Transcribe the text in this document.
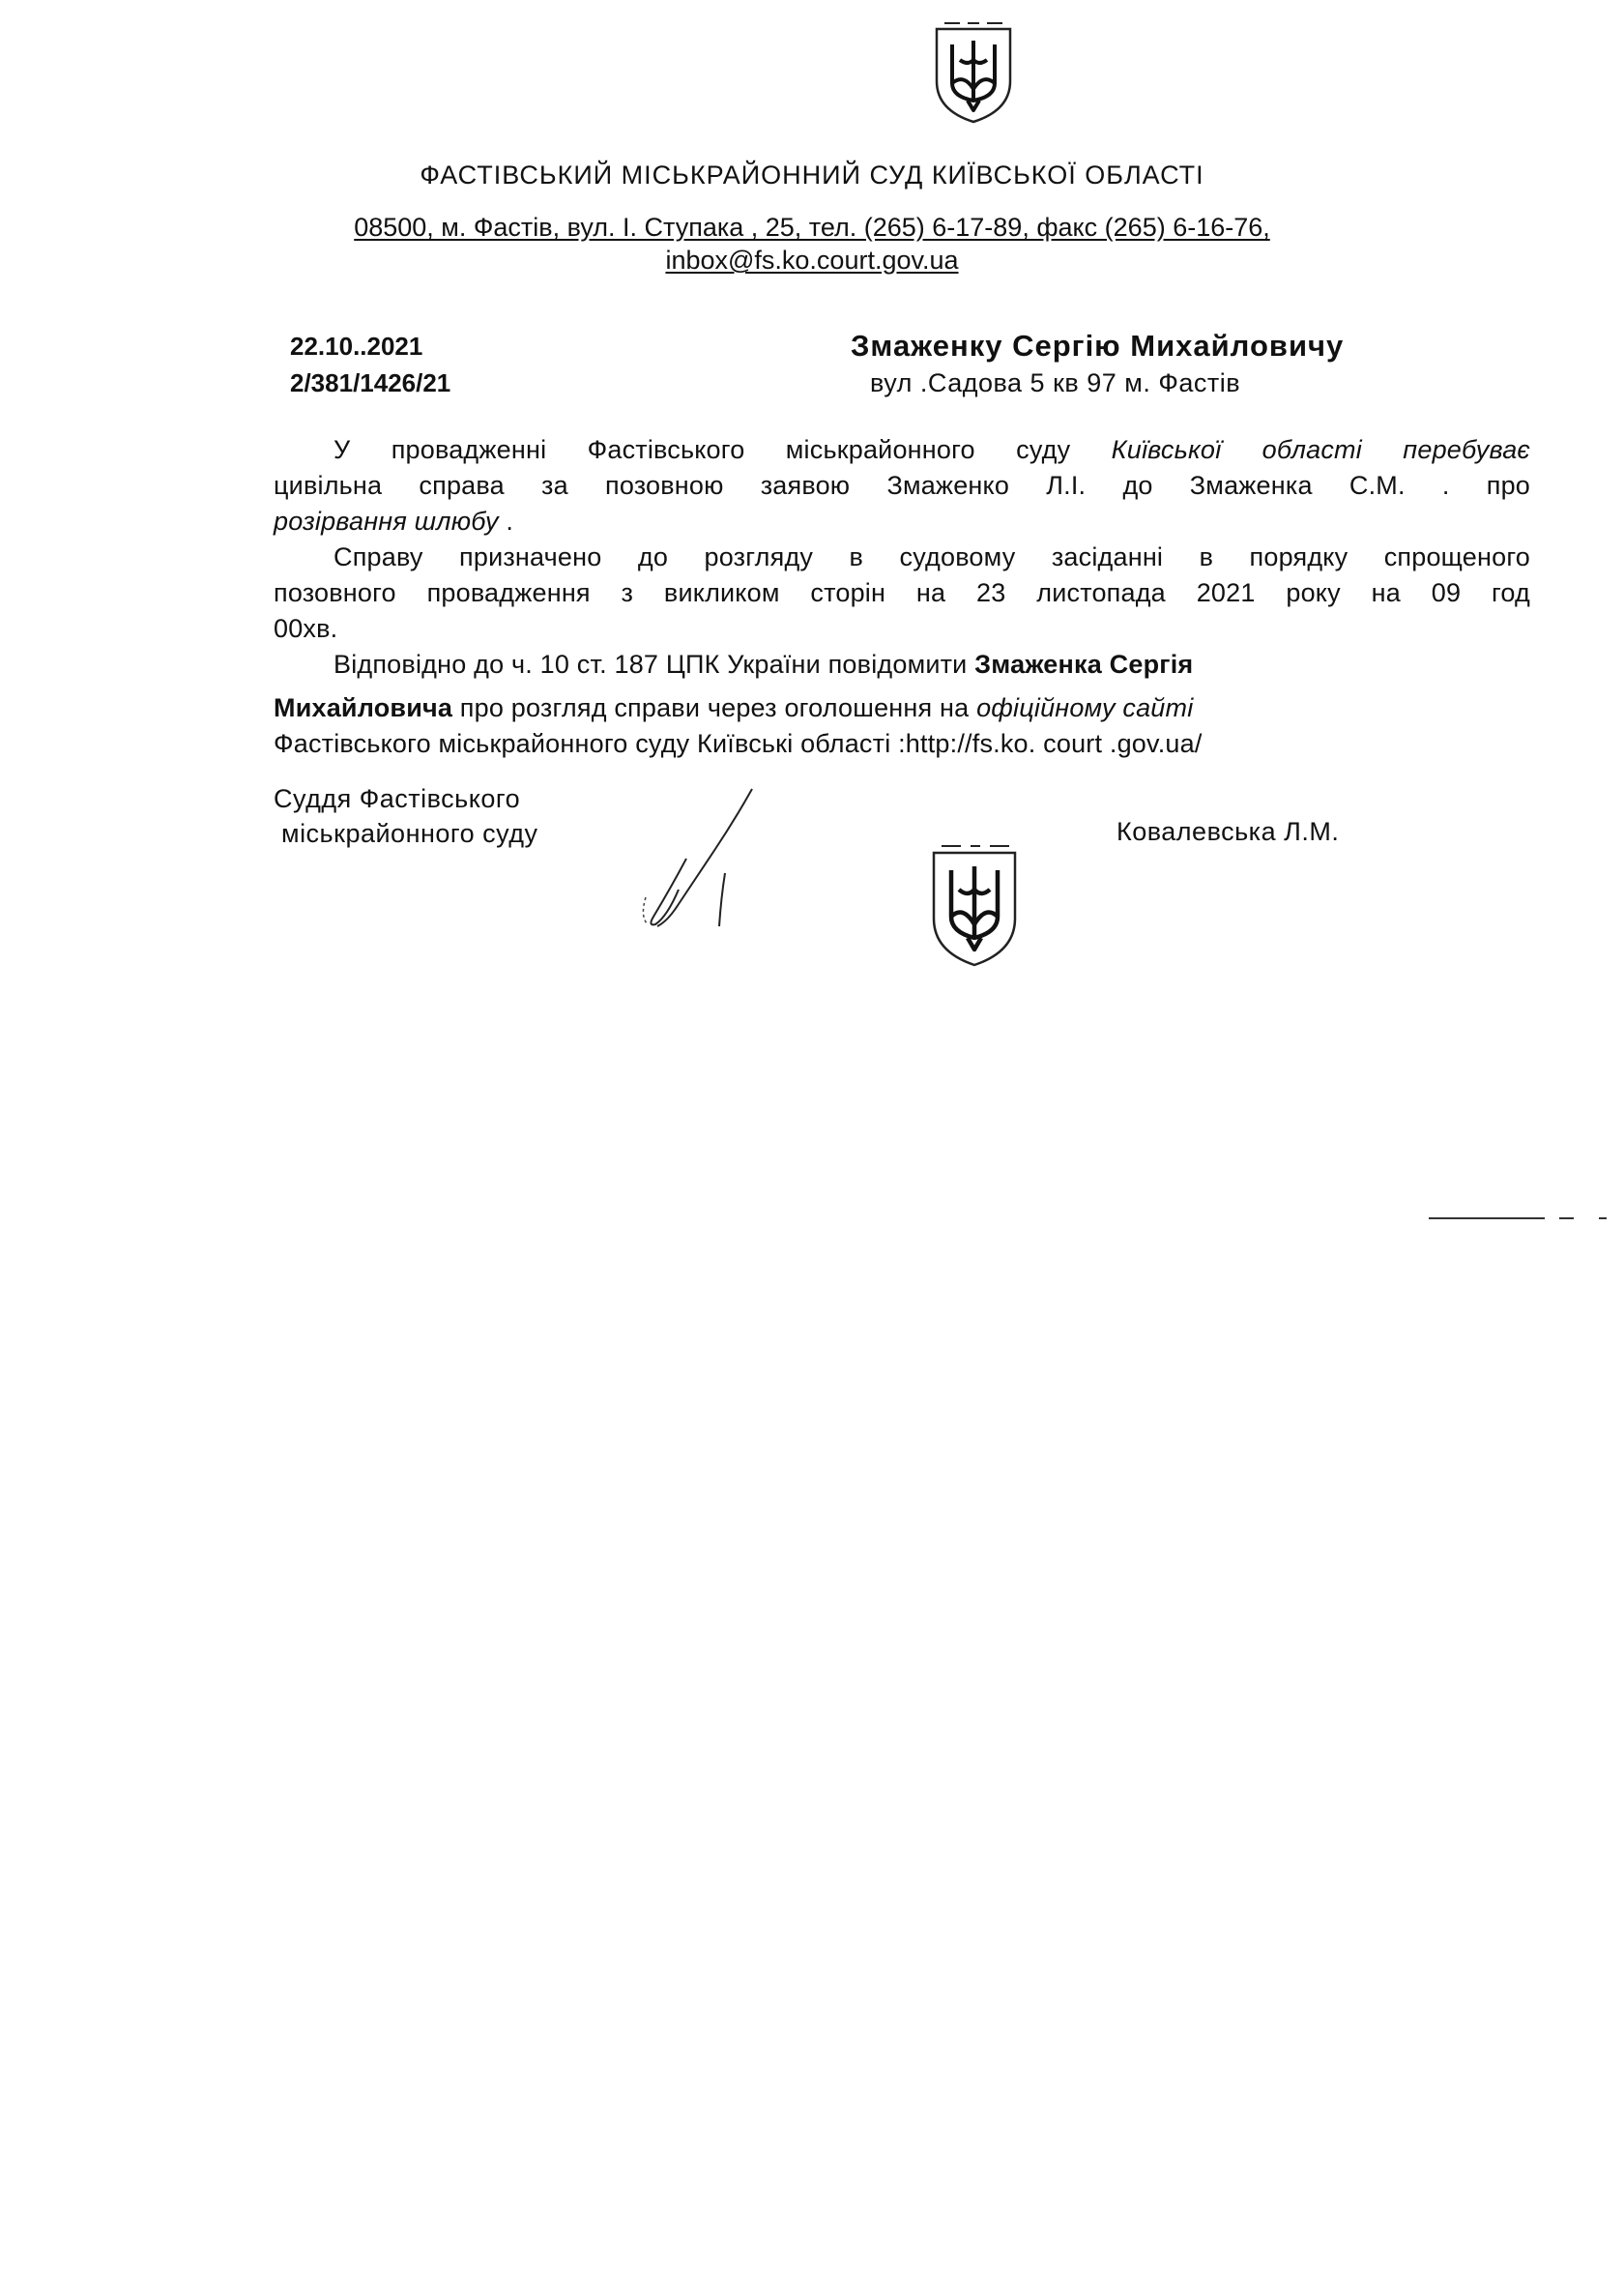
ФАСТІВСЬКИЙ МІСЬКРАЙОННИЙ СУД КИЇВСЬКОЇ ОБЛАСТІ
08500, м. Фастів, вул. І. Ступака , 25, тел. (265) 6-17-89, факс (265) 6-16-76,
inbox@fs.ko.court.gov.ua
22.10..2021
2/381/1426/21
Змаженку Сергію Михайловичу
вул .Садова 5 кв 97 м. Фастів

У провадженні Фастівського міськрайонного суду Київської області перебуває

цивільна справа за позовною заявою Змаженко Л.І. до Змаженка С.М. . про

розірвання шлюбу .

Справу призначено до розгляду в судовому засіданні в порядку спрощеного

позовного провадження з викликом сторін на 23 листопада 2021 року на 09 год

00хв.

Відповідно до ч. 10 ст. 187 ЦПК України повідомити Змаженка Сергія

Михайловича про розгляд справи через оголошення на офіційному сайті

Фастівського міськрайонного суду Київські області :http://fs.ko. court .gov.ua/

Суддя Фастівського
міськрайонного суду	Ковалевська Л.М.
